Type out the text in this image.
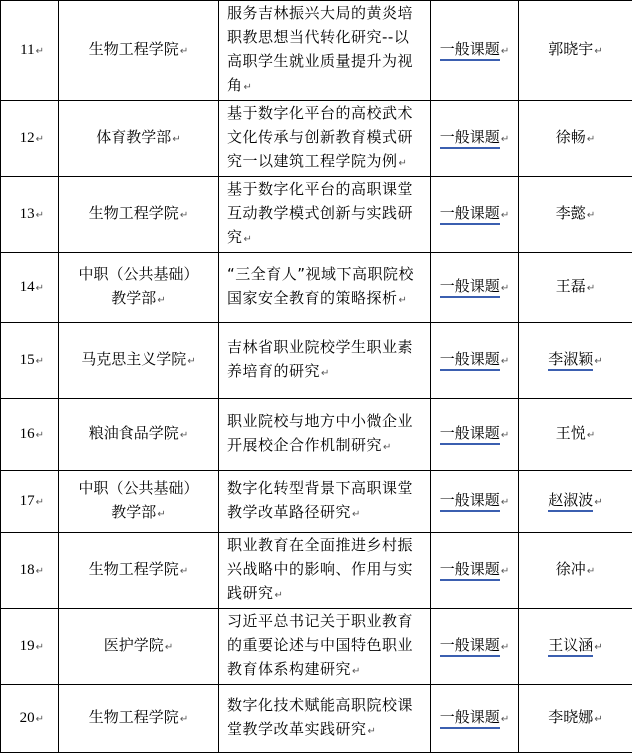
11↵	生物工程学院↵	服务吉林振兴大局的黄炎培职教思想当代转化研究--以高职学生就业质量提升为视角↵	一般课题↵	郭晓宇↵
12↵	体育教学部↵	基于数字化平台的高校武术文化传承与创新教育模式研究一以建筑工程学院为例↵	一般课题↵	徐畅↵
13↵	生物工程学院↵	基于数字化平台的高职课堂互动教学模式创新与实践研究↵	一般课题↵	李懿↵
14↵	中职（公共基础）教学部↵	“三全育人”视域下高职院校国家安全教育的策略探析↵	一般课题↵	王磊↵
15↵	马克思主义学院↵	吉林省职业院校学生职业素养培育的研究↵	一般课题↵	李淑颖↵
16↵	粮油食品学院↵	职业院校与地方中小微企业开展校企合作机制研究↵	一般课题↵	王悦↵
17↵	中职（公共基础）教学部↵	数字化转型背景下高职课堂教学改革路径研究↵	一般课题↵	赵淑波↵
18↵	生物工程学院↵	职业教育在全面推进乡村振兴战略中的影响、作用与实践研究↵	一般课题↵	徐冲↵
19↵	医护学院↵	习近平总书记关于职业教育的重要论述与中国特色职业教育体系构建研究↵	一般课题↵	王议涵↵
20↵	生物工程学院↵	数字化技术赋能高职院校课堂教学改革实践研究↵	一般课题↵	李晓娜↵
